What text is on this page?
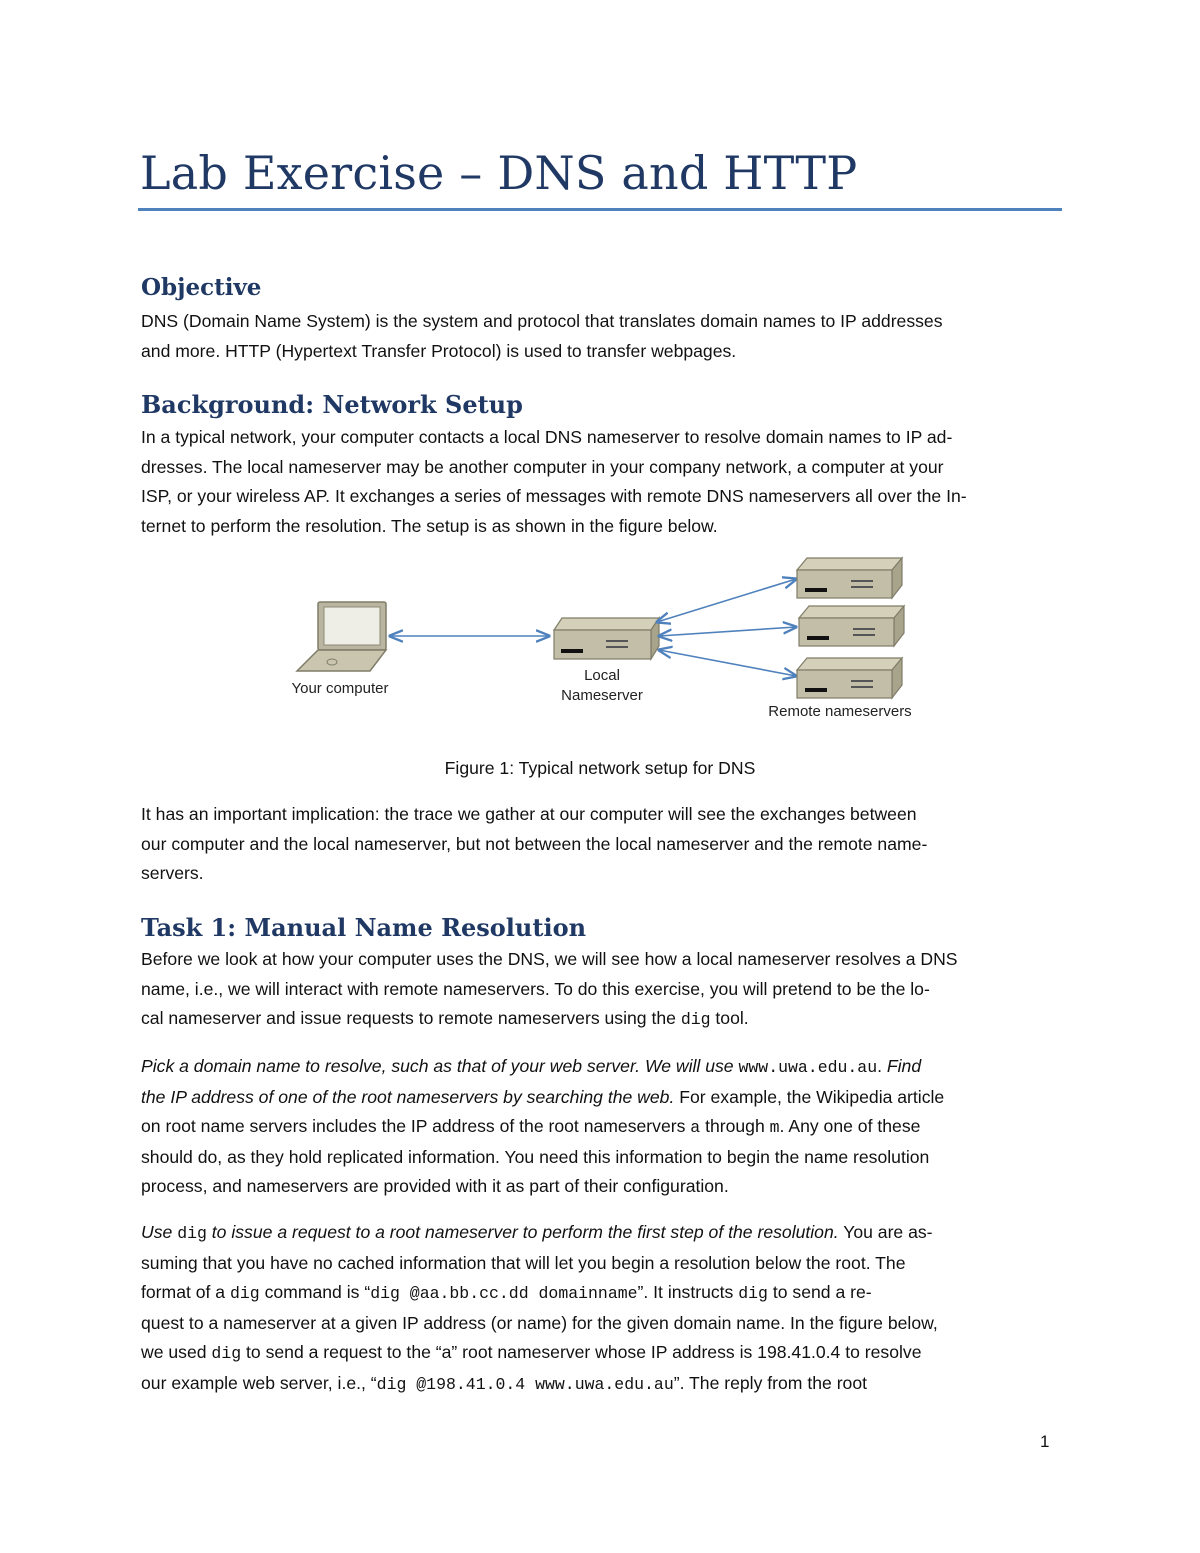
Lab Exercise – DNS and HTTP
Objective

DNS (Domain Name System) is the system and protocol that translates domain names to IP addresses
and more. HTTP (Hypertext Transfer Protocol) is used to transfer webpages.

Background: Network Setup

In a typical network, your computer contacts a local DNS nameserver to resolve domain names to IP ad-
dresses. The local nameserver may be another computer in your company network, a computer at your
ISP, or your wireless AP. It exchanges a series of messages with remote DNS nameservers all over the In-
ternet to perform the resolution. The setup is as shown in the figure below.

Your computer
Local
Nameserver
Remote nameservers

Figure 1: Typical network setup for DNS

It has an important implication: the trace we gather at our computer will see the exchanges between
our computer and the local nameserver, but not between the local nameserver and the remote name-
servers.

Task 1: Manual Name Resolution

Before we look at how your computer uses the DNS, we will see how a local nameserver resolves a DNS
name, i.e., we will interact with remote nameservers. To do this exercise, you will pretend to be the lo-
cal nameserver and issue requests to remote nameservers using the dig tool.

Pick a domain name to resolve, such as that of your web server. We will use www.uwa.edu.au. Find
the IP address of one of the root nameservers by searching the web. For example, the Wikipedia article
on root name servers includes the IP address of the root nameservers a through m. Any one of these
should do, as they hold replicated information. You need this information to begin the name resolution
process, and nameservers are provided with it as part of their configuration.

Use dig to issue a request to a root nameserver to perform the first step of the resolution. You are as-
suming that you have no cached information that will let you begin a resolution below the root. The
format of a dig command is “dig @aa.bb.cc.dd domainname”. It instructs dig to send a re-
quest to a nameserver at a given IP address (or name) for the given domain name. In the figure below,
we used dig to send a request to the “a” root nameserver whose IP address is 198.41.0.4 to resolve
our example web server, i.e., “dig @198.41.0.4 www.uwa.edu.au”. The reply from the root

1
